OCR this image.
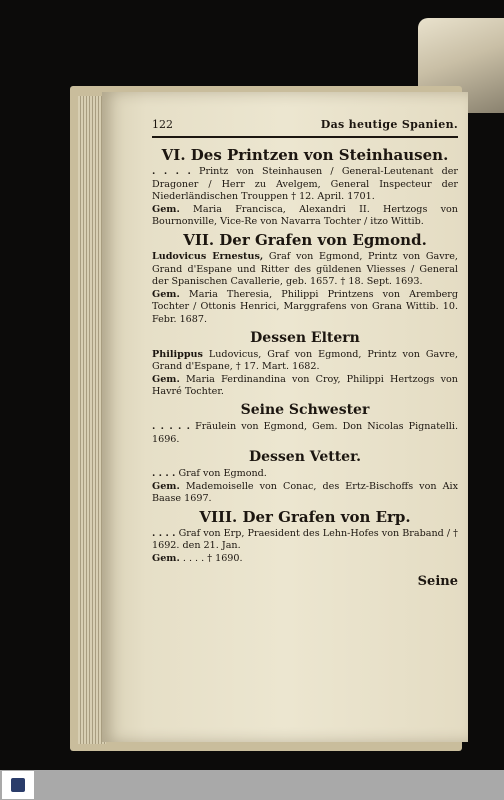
122	Das heutige Spanien.
VI. Des Printzen von Steinhausen.

. . . . Printz von Steinhausen / General-Leutenant der Dragoner / Herr zu Avelgem, General Inspecteur der Niederländischen Trouppen † 12. April. 1701.

Gem. Maria Francisca, Alexandri II. Hertzogs von Bournonville, Vice-Re von Navarra Tochter / itzo Wittib.

VII. Der Grafen von Egmond.

Ludovicus Ernestus, Graf von Egmond, Printz von Gavre, Grand d'Espane und Ritter des güldenen Vliesses / General der Spanischen Cavallerie, geb. 1657. † 18. Sept. 1693.

Gem. Maria Theresia, Philippi Printzens von Aremberg Tochter / Ottonis Henrici, Marggrafens von Grana Wittib. 10. Febr. 1687.

Dessen Eltern

Philippus Ludovicus, Graf von Egmond, Printz von Gavre, Grand d'Espane, † 17. Mart. 1682.

Gem. Maria Ferdinandina von Croy, Philippi Hertzogs von Havré Tochter.

Seine Schwester

. . . . . Fräulein von Egmond, Gem. Don Nicolas Pignatelli. 1696.

Dessen Vetter.

. . . . Graf von Egmond.

Gem. Mademoiselle von Conac, des Ertz-Bischoffs von Aix Baase 1697.

VIII. Der Grafen von Erp.

. . . . Graf von Erp, Praesident des Lehn-Hofes von Braband / † 1692. den 21. Jan.

Gem. . . . . † 1690.

Seine
